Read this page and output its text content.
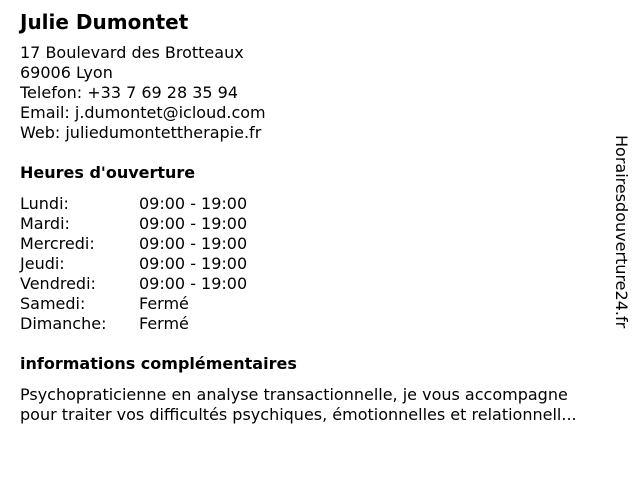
Julie Dumontet
17 Boulevard des Brotteaux
69006 Lyon
Telefon: +33 7 69 28 35 94
Email: j.dumontet@icloud.com
Web: juliedumontettherapie.fr
Heures d'ouverture
Lundi:	09:00 - 19:00
Mardi:	09:00 - 19:00
Mercredi:	09:00 - 19:00
Jeudi:	09:00 - 19:00
Vendredi:	09:00 - 19:00
Samedi:	Fermé
Dimanche: Fermé
informations complémentaires
Psychopraticienne en analyse transactionnelle, je vous accompagne
pour traiter vos difficultés psychiques, émotionnelles et relationnell...
Horairesdouverture24.fr
